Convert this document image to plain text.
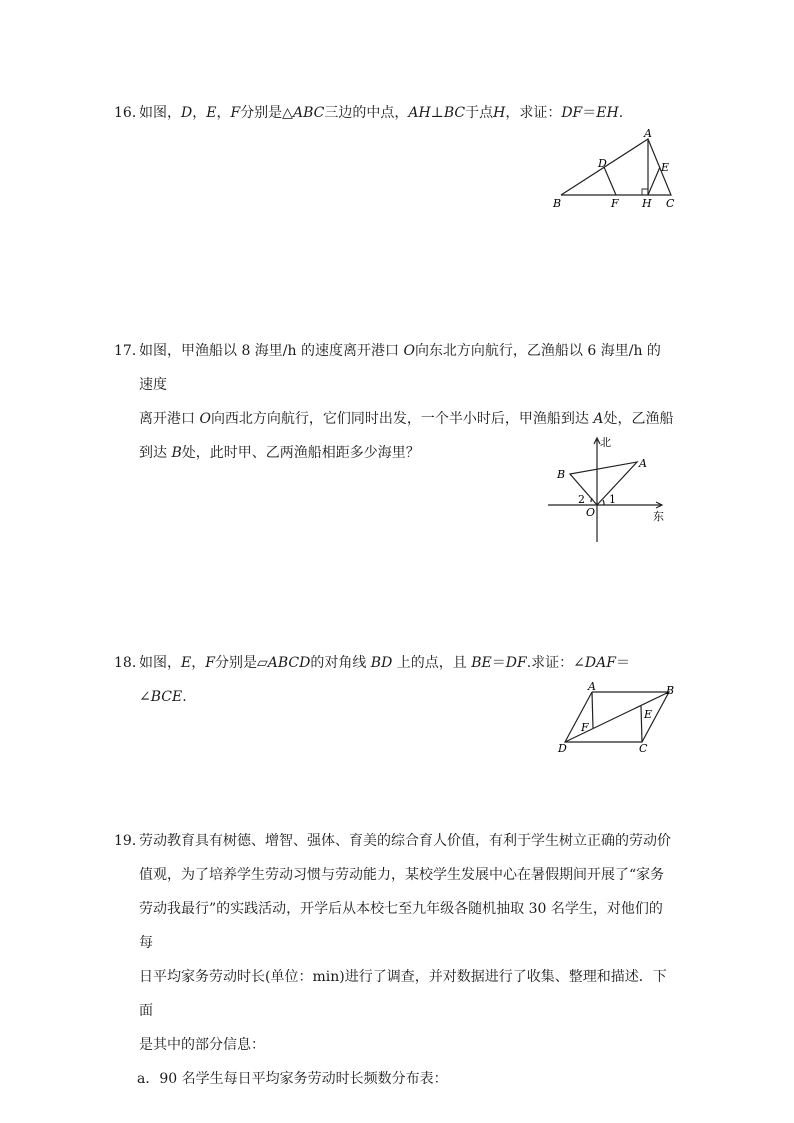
16．
如图，D，E，F分别是△ABC三边的中点，AH⊥BC于点H，求证：DF＝EH.
A
B	C
D	E
F H
17．
如图，甲渔船以 8 海里/h 的速度离开港口 O向东北方向航行，乙渔船以 6 海里/h 的速度
离开港口 O向西北方向航行，它们同时出发，一个半小时后，甲渔船到达 A处，乙渔船
到达 B处，此时甲、乙两渔船相距多少海里？
北
东
A
B
O
1
2
18．
如图，E，F分别是▱ABCD的对角线 BD 上的点，且 BE＝DF.求证：∠DAF＝∠BCE.
A	B
C
D
E
F
19．
劳动教育具有树德、增智、强体、育美的综合育人价值，有利于学生树立正确的劳动价
值观，为了培养学生劳动习惯与劳动能力，某校学生发展中心在暑假期间开展了“家务
劳动我最行”的实践活动，开学后从本校七至九年级各随机抽取 30 名学生，对他们的每
日平均家务劳动时长(单位：min)进行了调查，并对数据进行了收集、整理和描述．下面
是其中的部分信息：
a．90 名学生每日平均家务劳动时长频数分布表：
